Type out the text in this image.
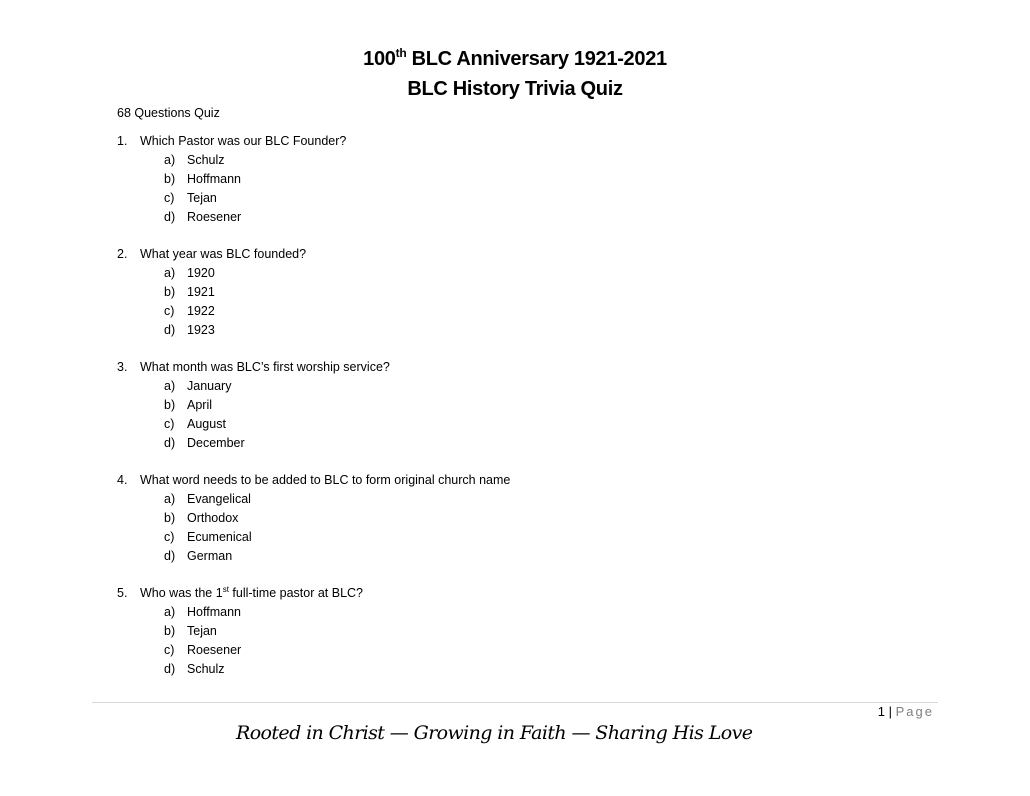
100th BLC Anniversary 1921-2021
BLC History Trivia Quiz
68 Questions Quiz
1. Which Pastor was our BLC Founder?
a) Schulz
b) Hoffmann
c) Tejan
d) Roesener
2. What year was BLC founded?
a) 1920
b) 1921
c) 1922
d) 1923
3. What month was BLC’s first worship service?
a) January
b) April
c) August
d) December
4. What word needs to be added to BLC to form original church name
a) Evangelical
b) Orthodox
c) Ecumenical
d) German
5. Who was the 1st full-time pastor at BLC?
a) Hoffmann
b) Tejan
c) Roesener
d) Schulz
1 | Page
Rooted in Christ — Growing in Faith — Sharing His Love
